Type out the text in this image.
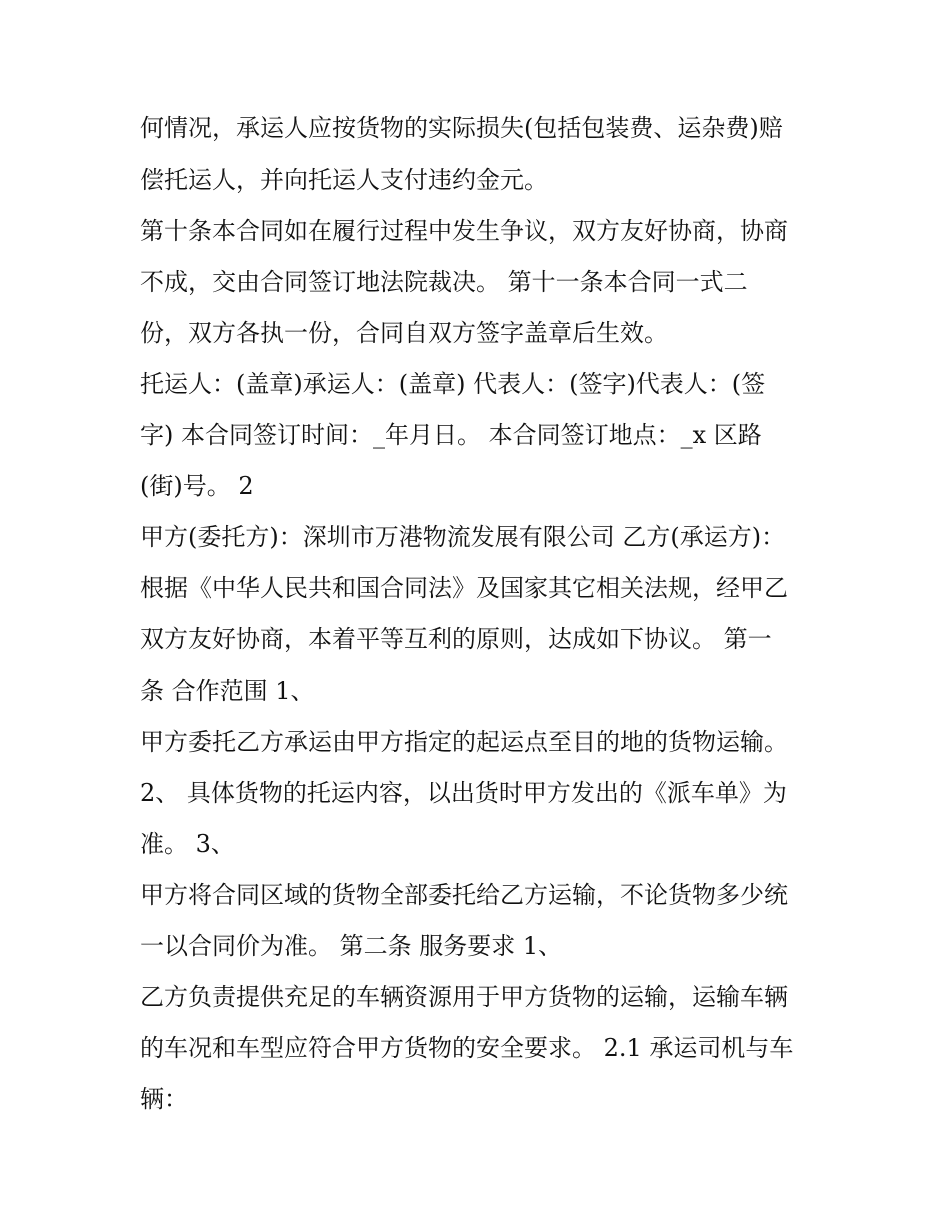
何情况，承运人应按货物的实际损失(包括包装费、运杂费)赔

偿托运人，并向托运人支付违约金元。

第十条本合同如在履行过程中发生争议，双方友好协商，协商

不成，交由合同签订地法院裁决。 第十一条本合同一式二

份，双方各执一份，合同自双方签字盖章后生效。

托运人：(盖章)承运人：(盖章) 代表人：(签字)代表人：(签

字) 本合同签订时间：_年月日。 本合同签订地点：_x 区路

(街)号。 2

甲方(委托方)：深圳市万港物流发展有限公司 乙方(承运方)：

根据《中华人民共和国合同法》及国家其它相关法规，经甲乙

双方友好协商，本着平等互利的原则，达成如下协议。 第一

条 合作范围 1、

甲方委托乙方承运由甲方指定的起运点至目的地的货物运输。

2、 具体货物的托运内容，以出货时甲方发出的《派车单》为

准。 3、

甲方将合同区域的货物全部委托给乙方运输，不论货物多少统

一以合同价为准。 第二条 服务要求 1、

乙方负责提供充足的车辆资源用于甲方货物的运输，运输车辆

的车况和车型应符合甲方货物的安全要求。 2.1 承运司机与车

辆：
